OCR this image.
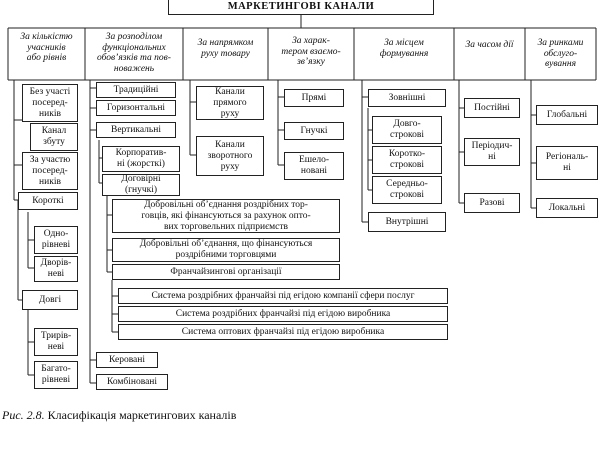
МАРКЕТИНГОВІ КАНАЛИ
За кількістю
учасників
або рівнів
За розподілом
функціональних
обов’язків та пов-
новажень
За напрямком
руху товару
За харак-
тером взаємо-
зв’язку
За місцем
формування
За часом дії	За ринками
обслуго-
вування
Без участі
посеред-
ників
Канал
збуту
За участю
посеред-
ників
Короткі
Одно-
рівневі
Дворів-
неві
Довгі
Трирів-
неві
Багато-
рівневі
Традиційні
Горизонтальні
Вертикальні
Корпоратив-
ні (жорсткі)
Договірні
(гнучкі)
Добровільні об’єднання роздрібних тор-
говців, які фінансуються за рахунок опто-
вих торговельних підприємств
Добровільні об’єднання, що фінансуються
роздрібними торговцями
Франчайзингові організації
Система роздрібних франчайзі під егідою компанії сфери послуг
Система роздрібних франчайзі під егідою виробника
Система оптових франчайзі під егідою виробника
Керовані
Комбіновані
Канали
прямого
руху
Канали
зворотного
руху
Прямі
Гнучкі
Ешело-
новані
Зовнішні
Довго-
строкові
Коротко-
строкові
Середньо-
строкові
Внутрішні
Постійні
Періодич-
ні
Разові
Глобальні
Регіональ-
ні
Локальні
Рис. 2.8. Класифікація маркетингових каналів
